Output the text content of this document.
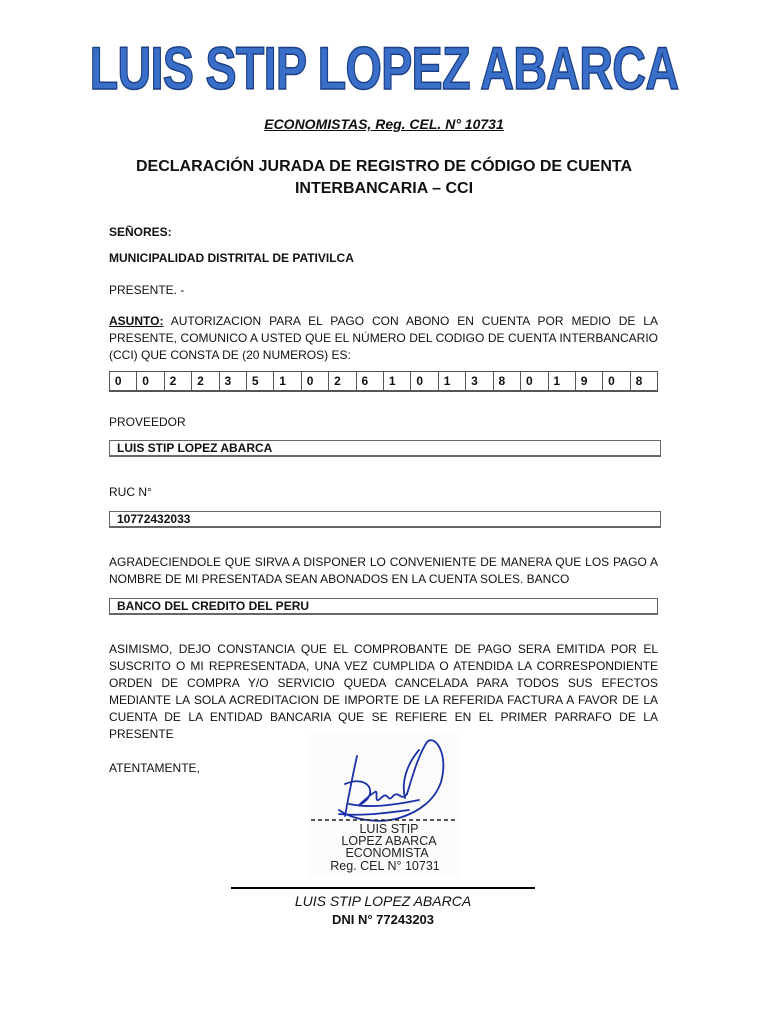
LUIS STIP LOPEZ ABARCA
ECONOMISTAS, Reg. CEL. N° 10731
DECLARACIÓN JURADA DE REGISTRO DE CÓDIGO DE CUENTA
INTERBANCARIA – CCI
SEÑORES:
MUNICIPALIDAD DISTRITAL DE PATIVILCA
PRESENTE. -
ASUNTO: AUTORIZACION PARA EL PAGO CON ABONO EN CUENTA POR MEDIO DE LA PRESENTE, COMUNICO A USTED QUE EL NÚMERO DEL CODIGO DE CUENTA INTERBANCARIO (CCI) QUE CONSTA DE (20 NUMEROS) ES:
0	0	2	2	3	5	1	0	2	6	1	0	1	3	8	0	1	9	0	8
PROVEEDOR
LUIS STIP LOPEZ ABARCA
RUC N°
10772432033
AGRADECIENDOLE QUE SIRVA A DISPONER LO CONVENIENTE DE MANERA QUE LOS PAGO A NOMBRE DE MI PRESENTADA SEAN ABONADOS EN LA CUENTA SOLES. BANCO
BANCO DEL CREDITO DEL PERU
ASIMISMO, DEJO CONSTANCIA QUE EL COMPROBANTE DE PAGO SERA EMITIDA POR EL SUSCRITO O MI REPRESENTADA, UNA VEZ CUMPLIDA O ATENDIDA LA CORRESPONDIENTE ORDEN DE COMPRA Y/O SERVICIO QUEDA CANCELADA PARA TODOS SUS EFECTOS MEDIANTE LA SOLA ACREDITACION DE IMPORTE DE LA REFERIDA FACTURA A FAVOR DE LA CUENTA DE LA ENTIDAD BANCARIA QUE SE REFIERE EN EL PRIMER PARRAFO DE LA PRESENTE
ATENTAMENTE,
LUIS STIP
LOPEZ ABARCA
ECONOMISTA
Reg. CEL N° 10731
LUIS STIP LOPEZ ABARCA
DNI N° 77243203
